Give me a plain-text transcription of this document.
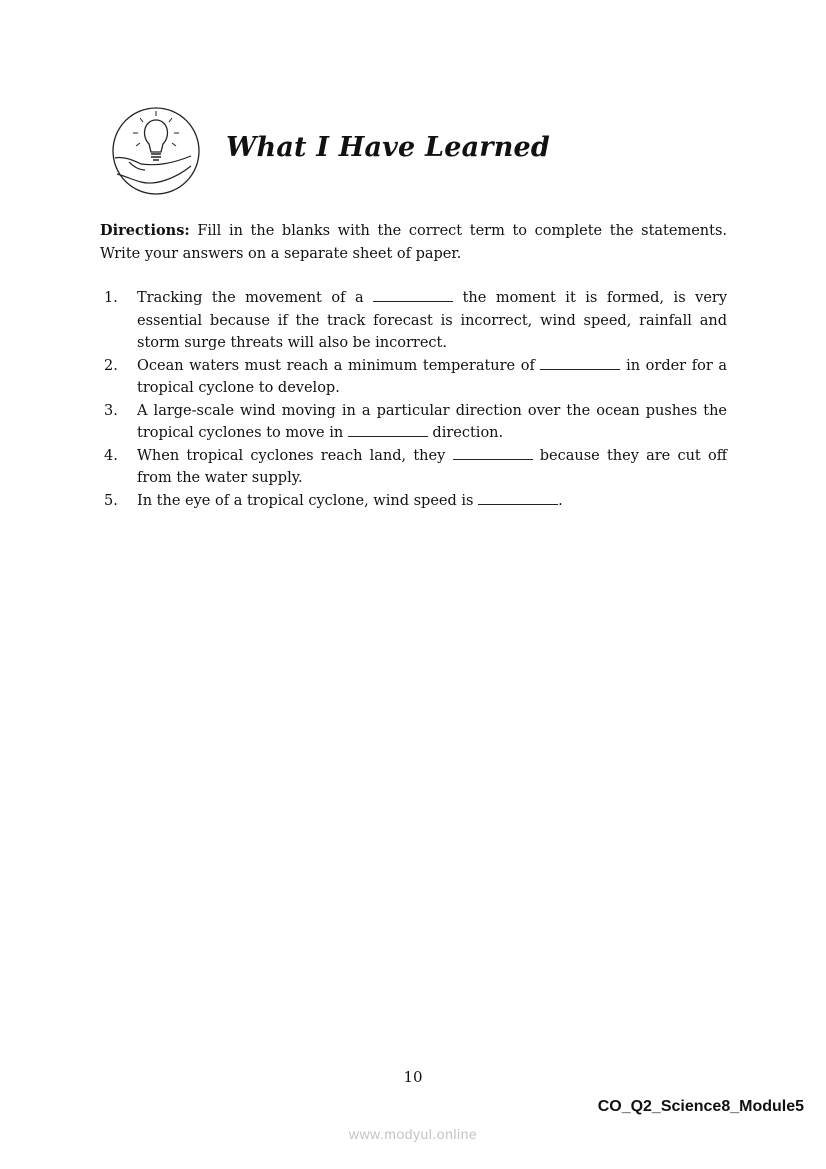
What I Have Learned
Directions: Fill in the blanks with the correct term to complete the statements. Write your answers on a separate sheet of paper.
1. Tracking the movement of a	the moment it is formed, is very essential because if the track forecast is incorrect, wind speed, rainfall and storm surge threats will also be incorrect.
2. Ocean waters must reach a minimum temperature of	in order for a tropical cyclone to develop.
3. A large-scale wind moving in a particular direction over the ocean pushes the tropical cyclones to move in	direction.
4. When tropical cyclones reach land, they	because they are cut off from the water supply.
5. In the eye of a tropical cyclone, wind speed is	.
10
CO_Q2_Science8_Module5
www.modyul.online
